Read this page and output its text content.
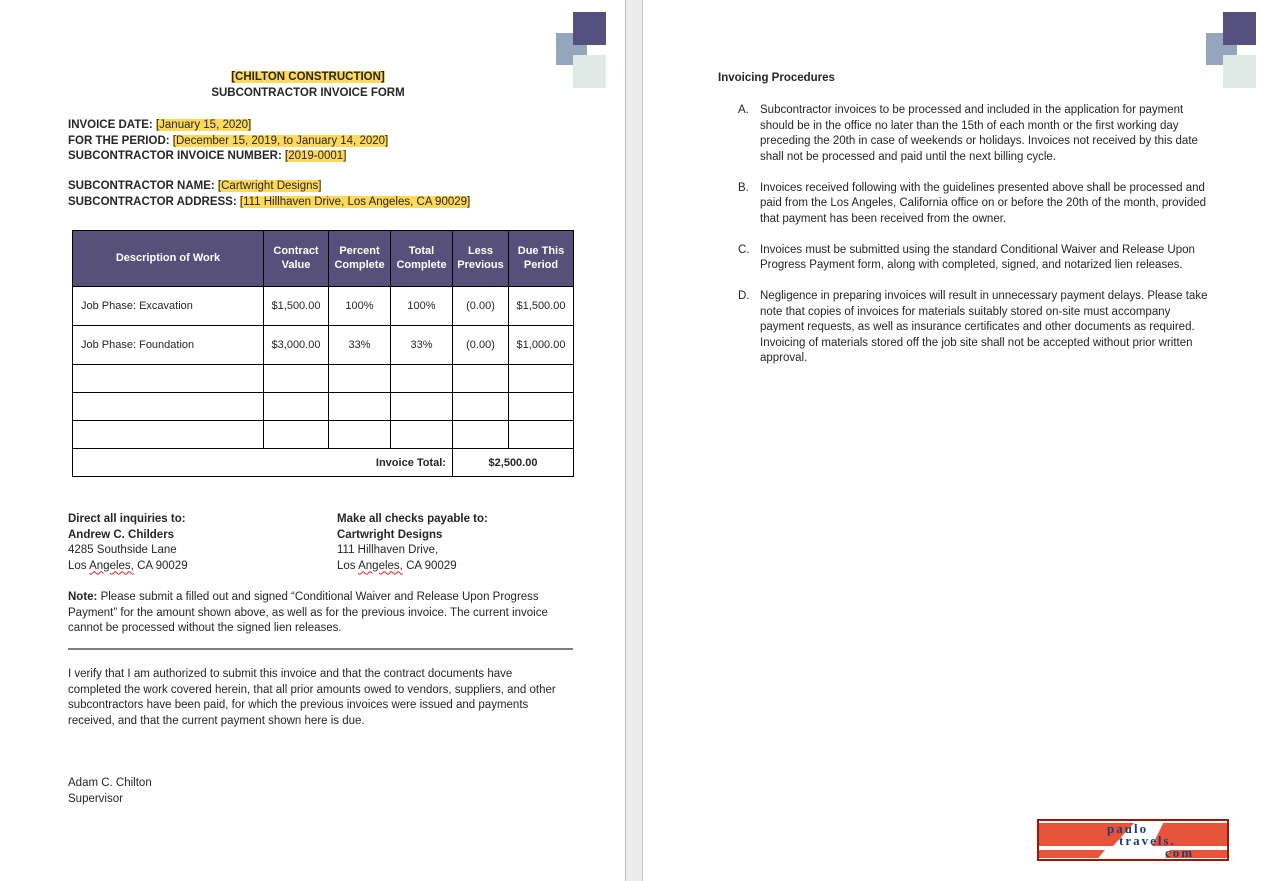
[CHILTON CONSTRUCTION]
SUBCONTRACTOR INVOICE FORM
INVOICE DATE: [January 15, 2020]
FOR THE PERIOD: [December 15, 2019, to January 14, 2020]
SUBCONTRACTOR INVOICE NUMBER: [2019-0001]
SUBCONTRACTOR NAME: [Cartwright Designs]
SUBCONTRACTOR ADDRESS: [111 Hillhaven Drive, Los Angeles, CA 90029]
Description of Work	Contract Value	Percent Complete	Total Complete	Less Previous	Due This Period
Job Phase: Excavation	$1,500.00	100%	100%	(0.00)	$1,500.00
Job Phase: Foundation	$3,000.00	33%	33%	(0.00)	$1,000.00

Invoice Total:				$2,500.00	
Direct all inquiries to:
Andrew C. Childers
4285 Southside Lane
Los Angeles, CA 90029
Make all checks payable to:
Cartwright Designs
111 Hillhaven Drive,
Los Angeles, CA 90029
Note: Please submit a filled out and signed “Conditional Waiver and Release Upon Progress Payment” for the amount shown above, as well as for the previous invoice. The current invoice cannot be processed without the signed lien releases.
I verify that I am authorized to submit this invoice and that the contract documents have completed the work covered herein, that all prior amounts owed to vendors, suppliers, and other subcontractors have been paid, for which the previous invoices were issued and payments received, and that the current payment shown here is due.
Adam C. Chilton
Supervisor
Invoicing Procedures
A. Subcontractor invoices to be processed and included in the application for payment should be in the office no later than the 15th of each month or the first working day preceding the 20th in case of weekends or holidays. Invoices not received by this date shall not be processed and paid until the next billing cycle.
B. Invoices received following with the guidelines presented above shall be processed and paid from the Los Angeles, California office on or before the 20th of the month, provided that payment has been received from the owner.
C. Invoices must be submitted using the standard Conditional Waiver and Release Upon Progress Payment form, along with completed, signed, and notarized lien releases.
D. Negligence in preparing invoices will result in unnecessary payment delays. Please take note that copies of invoices for materials suitably stored on-site must accompany payment requests, as well as insurance certificates and other documents as required. Invoicing of materials stored off the job site shall not be accepted without prior written approval.
paulo
travels.
com
